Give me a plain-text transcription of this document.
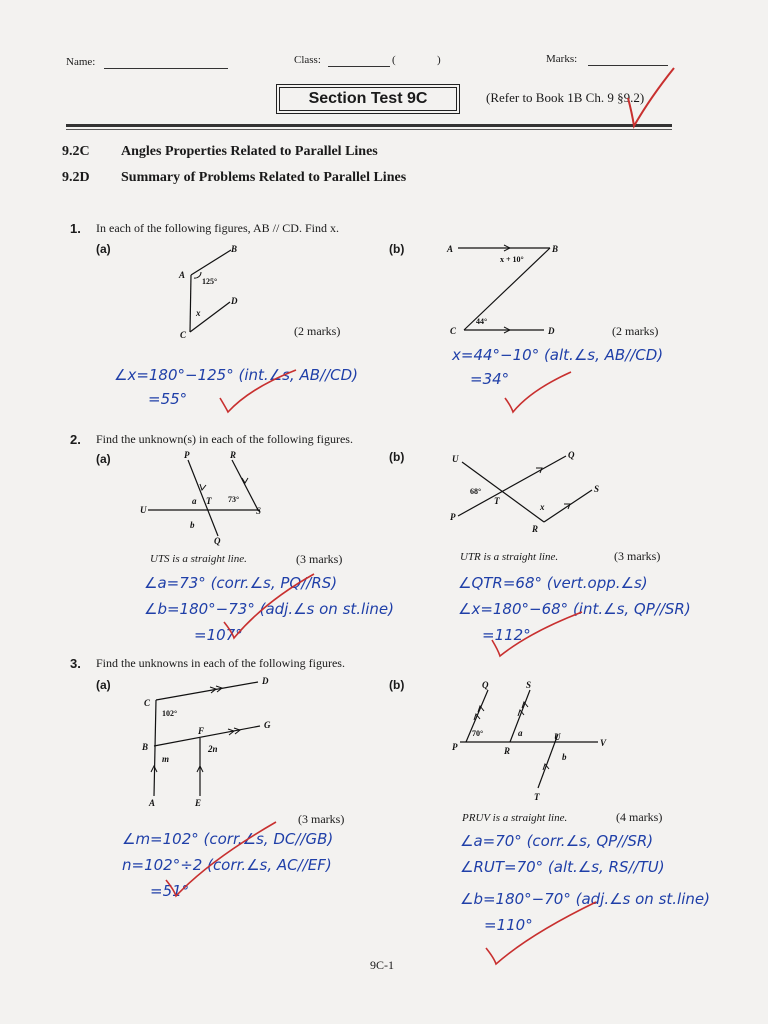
Name:	Class:	(	)	Marks:
Section Test 9C	(Refer to Book 1B Ch. 9 §9.2)
9.2C Angles Properties Related to Parallel Lines
9.2D Summary of Problems Related to Parallel Lines
1. In each of the following figures, AB // CD. Find x.
(a)	(b)
A
B
C
D
125°
x
(2 marks)
A	B
C	D
x + 10°
44°
(2 marks)
∠x=180°−125° (int.∠s, AB//CD)
=55°
x=44°−10° (alt.∠s, AB//CD)
=34°
2. Find the unknown(s) in each of the following figures.
(a)	(b)
P	R
U	S
T
Q
a
b
73°
UTS is a straight line.	(3 marks)
U	Q
S
P
T
R
x
68°
UTR is a straight line.	(3 marks)
∠a=73° (corr.∠s, PQ//RS)
∠b=180°−73° (adj.∠s on st.line)
=107°
∠QTR=68° (vert.opp.∠s)
∠x=180°−68° (int.∠s, QP//SR)
=112°
3. Find the unknowns in each of the following figures.
(a)	(b)
C
D
F
G
B
A	E
102°
m
2n
(3 marks)
Q	S
P	R
U
V
T
a
b
70°
PRUV is a straight line.	(4 marks)
∠m=102° (corr.∠s, DC//GB)
n=102°÷2 (corr.∠s, AC//EF)
=51°
∠a=70° (corr.∠s, QP//SR)
∠RUT=70° (alt.∠s, RS//TU)
∠b=180°−70° (adj.∠s on st.line)
=110°
9C-1
